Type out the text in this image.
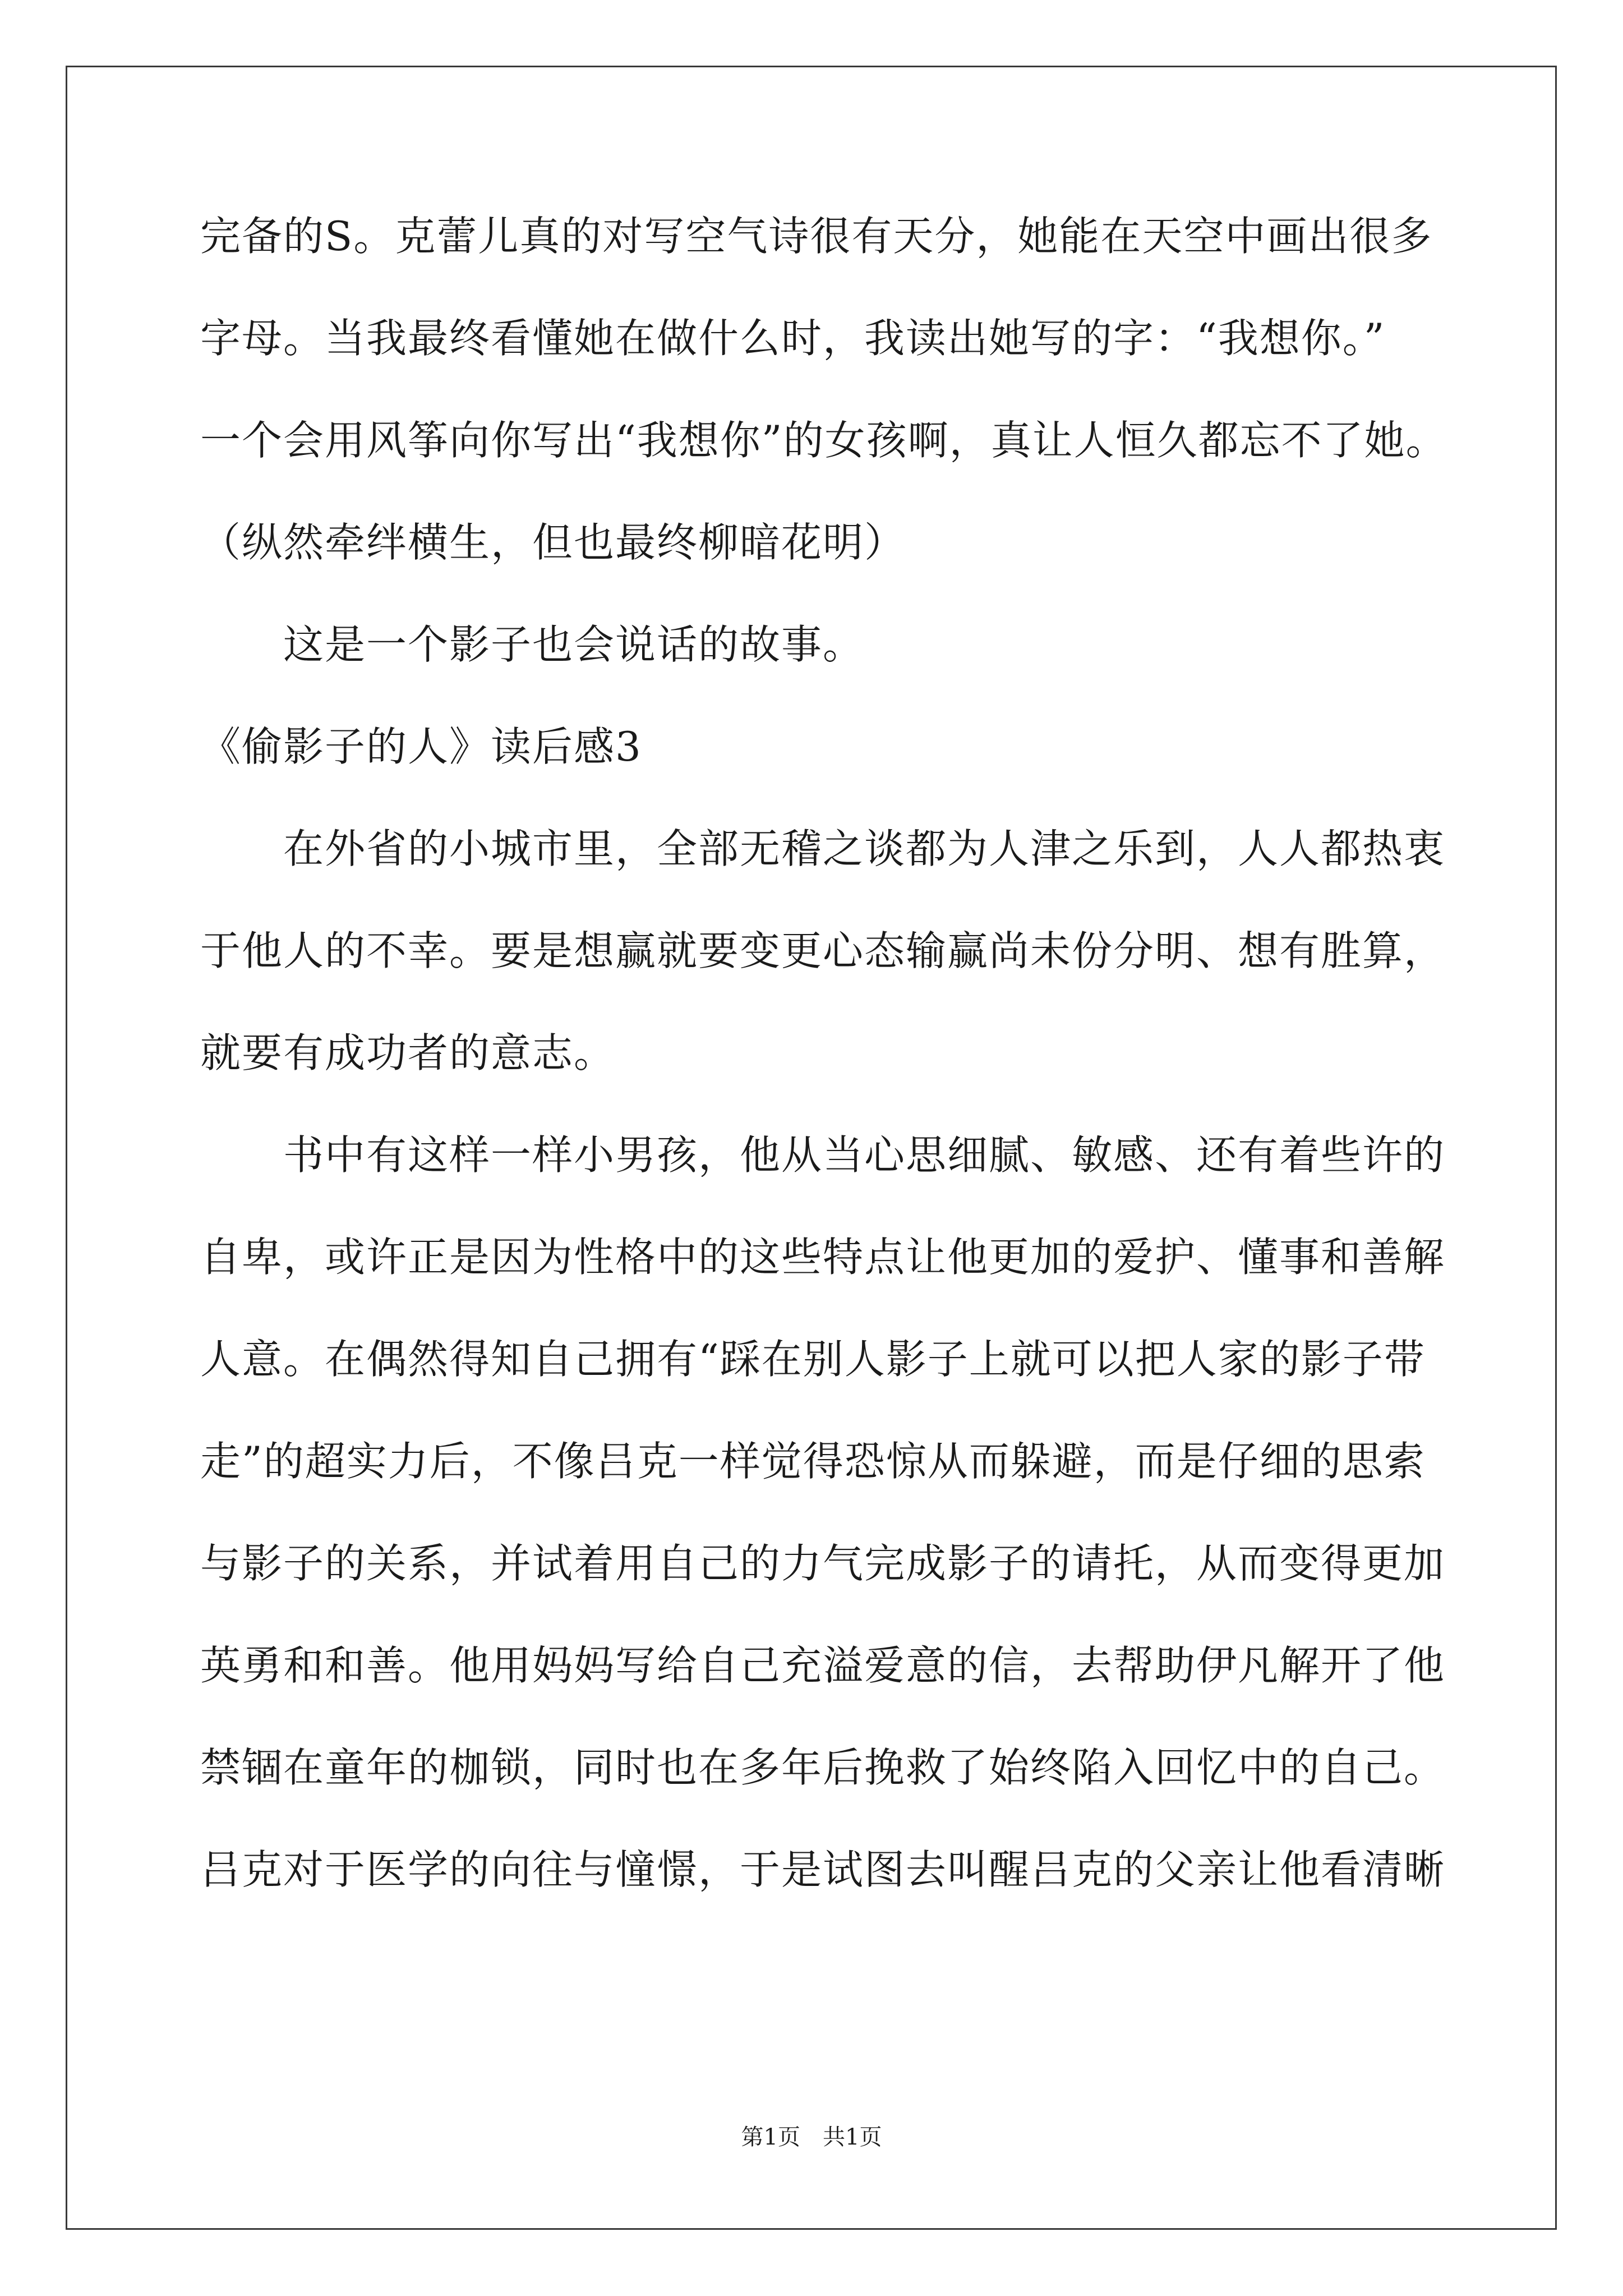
完备的S。克蕾儿真的对写空气诗很有天分，她能在天空中画出很多
字母。当我最终看懂她在做什么时，我读出她写的字：“我想你。”
一个会用风筝向你写出“我想你”的女孩啊，真让人恒久都忘不了她。
（纵然牵绊横生，但也最终柳暗花明）
　　这是一个影子也会说话的故事。
《偷影子的人》读后感3
　　在外省的小城市里，全部无稽之谈都为人津之乐到，人人都热衷
于他人的不幸。要是想赢就要变更心态输赢尚未份分明、想有胜算，
就要有成功者的意志。
　　书中有这样一样小男孩，他从当心思细腻、敏感、还有着些许的
自卑，或许正是因为性格中的这些特点让他更加的爱护、懂事和善解
人意。在偶然得知自己拥有“踩在别人影子上就可以把人家的影子带
走”的超实力后，不像吕克一样觉得恐惊从而躲避，而是仔细的思索
与影子的关系，并试着用自己的力气完成影子的请托，从而变得更加
英勇和和善。他用妈妈写给自己充溢爱意的信，去帮助伊凡解开了他
禁锢在童年的枷锁，同时也在多年后挽救了始终陷入回忆中的自己。
吕克对于医学的向往与憧憬，于是试图去叫醒吕克的父亲让他看清晰
第1页　共1页
